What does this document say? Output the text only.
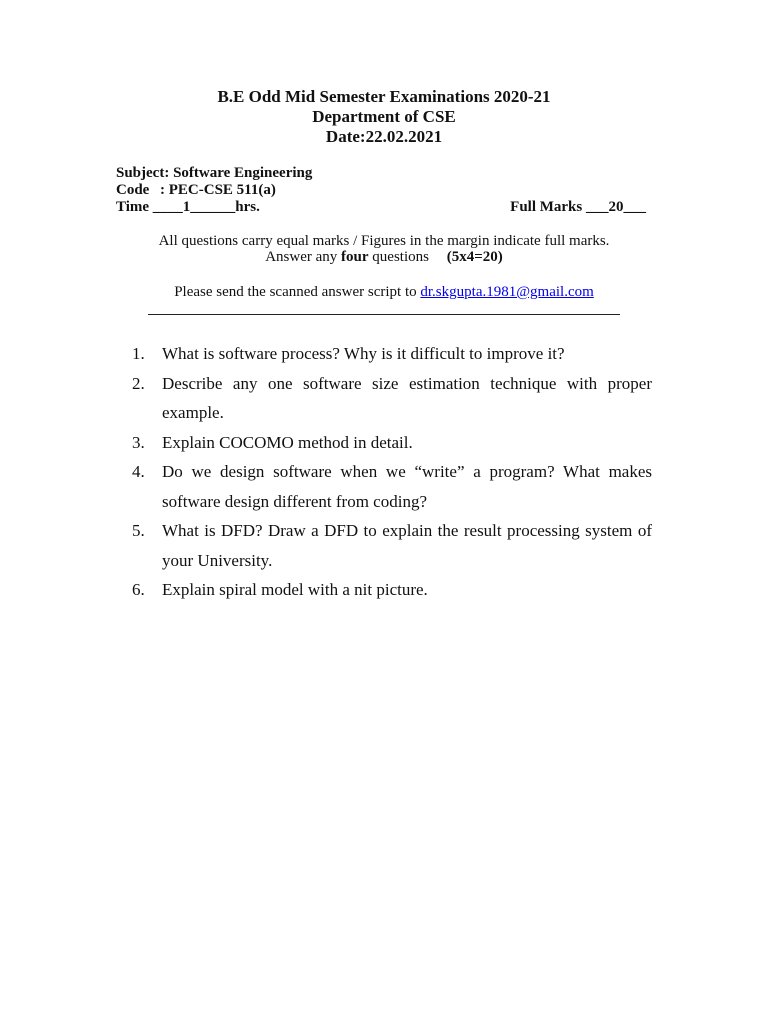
B.E Odd Mid Semester Examinations 2020-21
Department of CSE
Date:22.02.2021
Subject: Software Engineering
Code : PEC-CSE 511(a)
Time ____1______hrs.	Full Marks ___20___
All questions carry equal marks / Figures in the margin indicate full marks.
Answer any four questions (5x4=20)
Please send the scanned answer script to dr.skgupta.1981@gmail.com
1.	What is software process? Why is it difficult to improve it?
2.	Describe any one software size estimation technique with proper example.
3.	Explain COCOMO method in detail.
4.	Do we design software when we “write” a program? What makes software design different from coding?
5.	What is DFD? Draw a DFD to explain the result processing system of your University.
6.	Explain spiral model with a nit picture.
